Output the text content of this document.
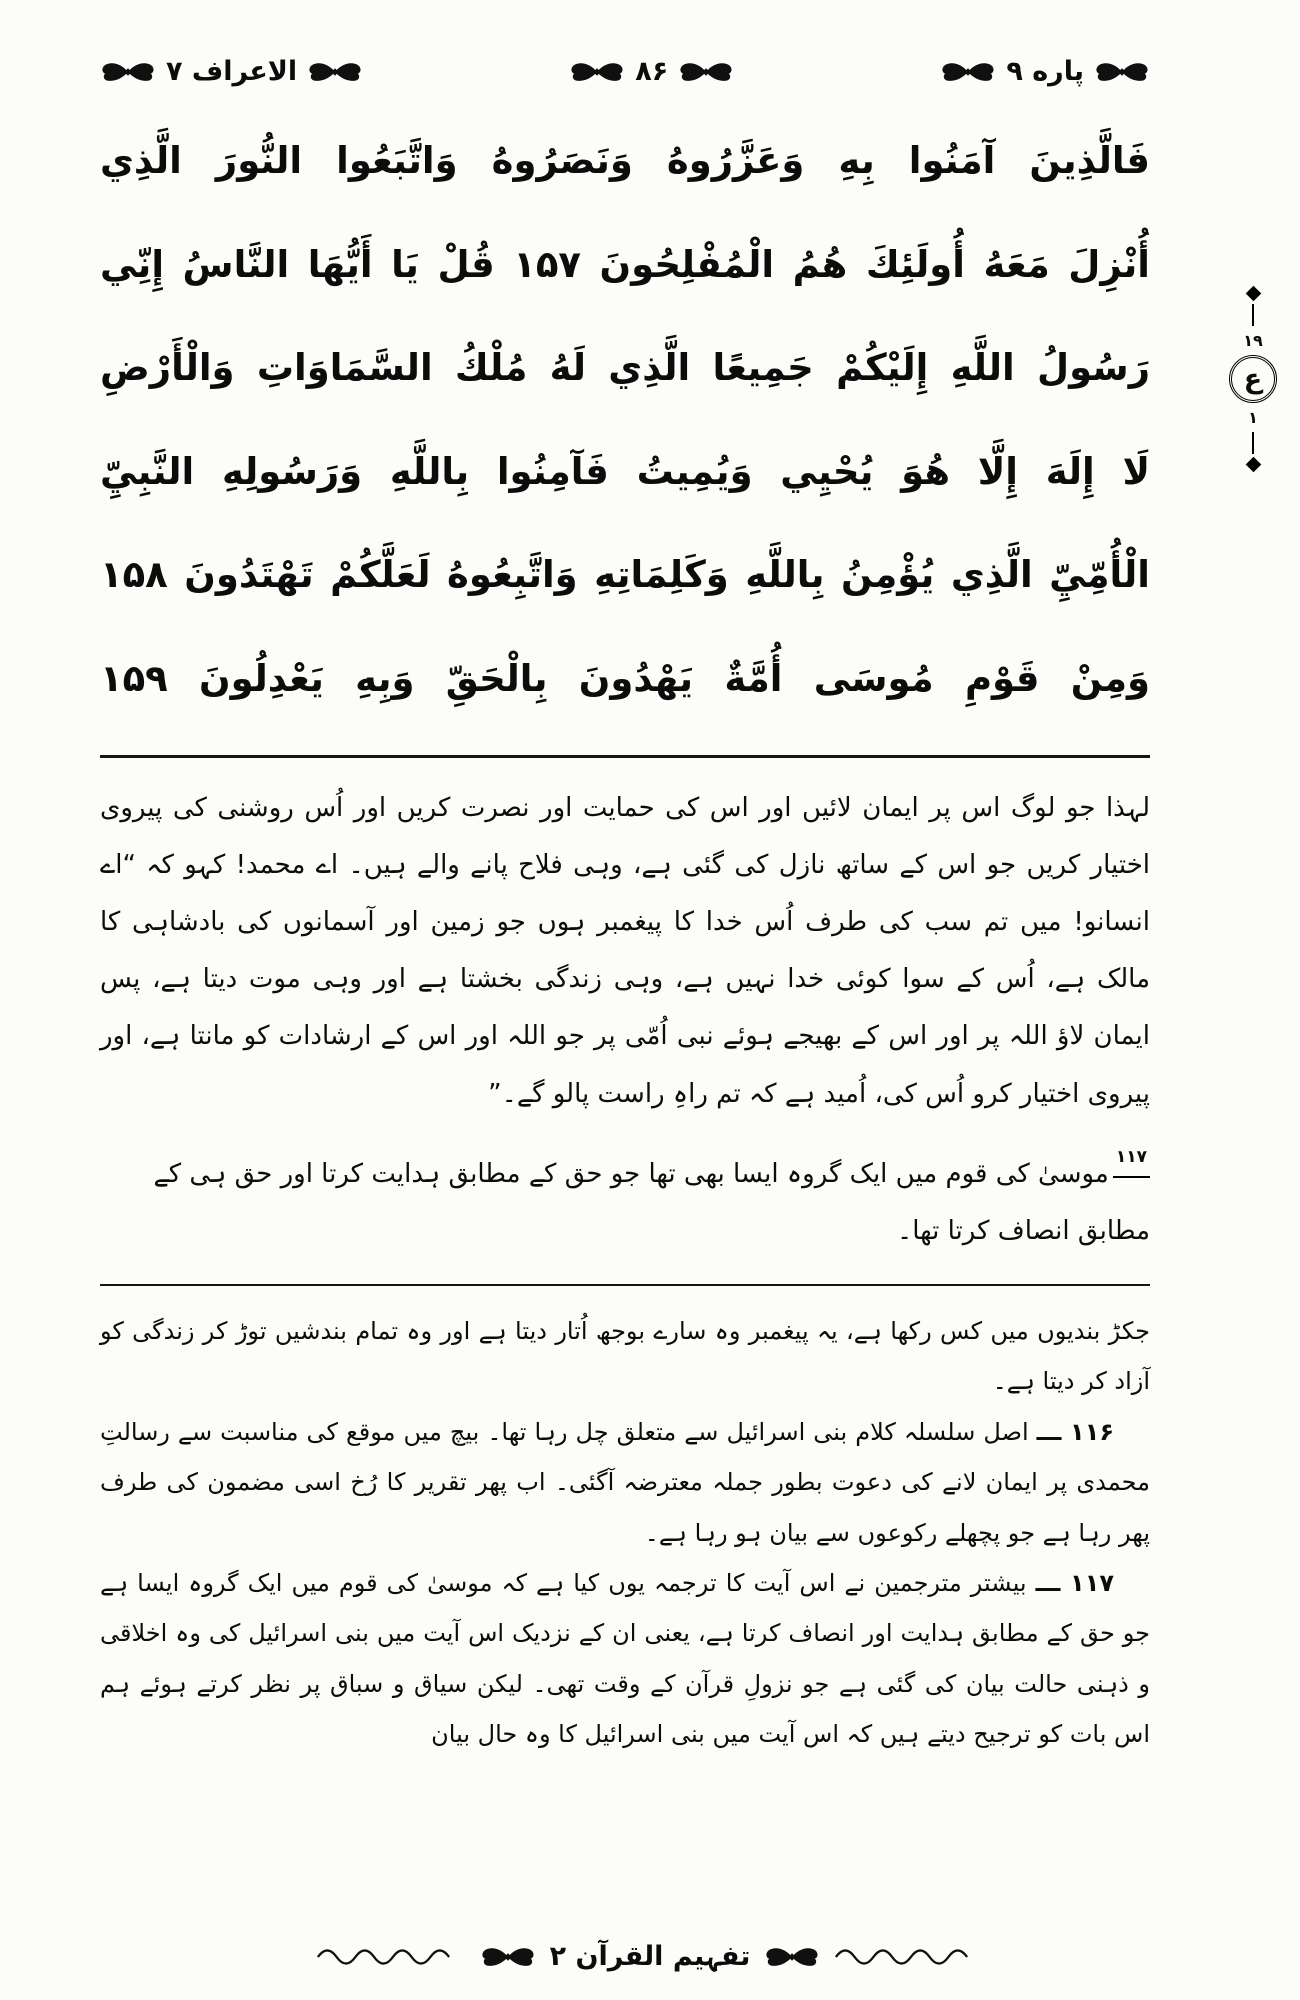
پاره ۹
۸۶
الاعراف ۷
فَالَّذِينَ آمَنُوا بِهِ وَعَزَّرُوهُ وَنَصَرُوهُ وَاتَّبَعُوا النُّورَ الَّذِي
أُنْزِلَ مَعَهُ أُولَئِكَ هُمُ الْمُفْلِحُونَ ۱۵۷ قُلْ يَا أَيُّهَا النَّاسُ إِنِّي
رَسُولُ اللَّهِ إِلَيْكُمْ جَمِيعًا الَّذِي لَهُ مُلْكُ السَّمَاوَاتِ وَالْأَرْضِ
لَا إِلَهَ إِلَّا هُوَ يُحْيِي وَيُمِيتُ فَآمِنُوا بِاللَّهِ وَرَسُولِهِ النَّبِيِّ
الْأُمِّيِّ الَّذِي يُؤْمِنُ بِاللَّهِ وَكَلِمَاتِهِ وَاتَّبِعُوهُ لَعَلَّكُمْ تَهْتَدُونَ ۱۵۸
وَمِنْ قَوْمِ مُوسَى أُمَّةٌ يَهْدُونَ بِالْحَقِّ وَبِهِ يَعْدِلُونَ ۱۵۹

لہذا جو لوگ اس پر ایمان لائیں اور اس کی حمایت اور نصرت کریں اور اُس روشنی کی پیروی اختیار کریں جو اس کے ساتھ نازل کی گئی ہے، وہی فلاح پانے والے ہیں۔ اے محمد! کہو کہ “اے انسانو! میں تم سب کی طرف اُس خدا کا پیغمبر ہوں جو زمین اور آسمانوں کی بادشاہی کا مالک ہے، اُس کے سوا کوئی خدا نہیں ہے، وہی زندگی بخشتا ہے اور وہی موت دیتا ہے، پس ایمان لاؤ اللہ پر اور اس کے بھیجے ہوئے نبی اُمّی پر جو اللہ اور اس کے ارشادات کو مانتا ہے، اور پیروی اختیار کرو اُس کی، اُمید ہے کہ تم راہِ راست پالو گے۔”

$^{۱۱۷}$موسیٰ کی قوم میں ایک گروہ ایسا بھی تھا جو حق کے مطابق ہدایت کرتا اور حق ہی کے مطابق انصاف کرتا تھا۔

جکڑ بندیوں میں کس رکھا ہے، یہ پیغمبر وہ سارے بوجھ اُتار دیتا ہے اور وہ تمام بندشیں توڑ کر زندگی کو آزاد کر دیتا ہے۔

۱۱۶ ـــ اصل سلسلہ کلام بنی اسرائیل سے متعلق چل رہا تھا۔ بیچ میں موقع کی مناسبت سے رسالتِ محمدی پر ایمان لانے کی دعوت بطور جملہ معترضہ آگئی۔ اب پھر تقریر کا رُخ اسی مضمون کی طرف پھر رہا ہے جو پچھلے رکوعوں سے بیان ہو رہا ہے۔

۱۱۷ ـــ بیشتر مترجمین نے اس آیت کا ترجمہ یوں کیا ہے کہ موسیٰ کی قوم میں ایک گروہ ایسا ہے جو حق کے مطابق ہدایت اور انصاف کرتا ہے، یعنی ان کے نزدیک اس آیت میں بنی اسرائیل کی وہ اخلاقی و ذہنی حالت بیان کی گئی ہے جو نزولِ قرآن کے وقت تھی۔ لیکن سیاق و سباق پر نظر کرتے ہوئے ہم اس بات کو ترجیح دیتے ہیں کہ اس آیت میں بنی اسرائیل کا وہ حال بیان

۱۹
ع
۱
تفہیم القرآن ۲
